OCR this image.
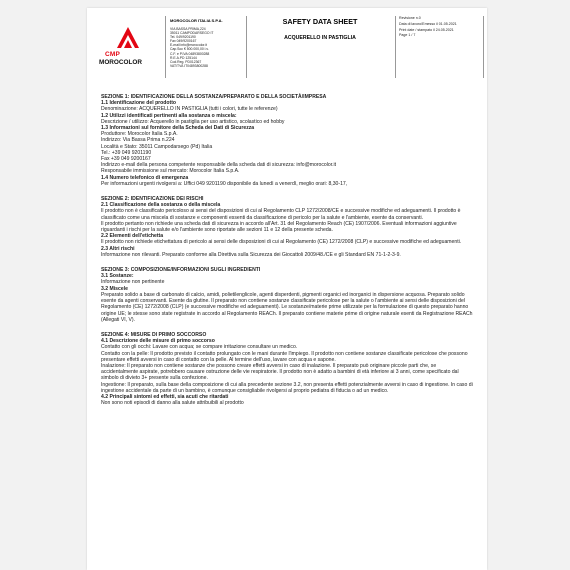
CMP
MOROCOLOR
MOROCOLOR ITALIA S.P.A.
VIA BASSA PRIMA,224
35011 CAMPODARSEGO IT
Tel. 049/9201190
Fax 049/9200167
E-mail info@morocolor.it
Cap.Soc € 500.000,00 i.v.
C.F. e P.IVA 04893800288
R.E.A.PD 125144
Cod.Reg. PD012367
VAT/TVA IT04893800288
SAFETY DATA SHEET
ACQUERELLO IN PASTIGLIA
Revisione n.0
Data di lavoro/Emesso il 01.05.2021
Print date / stampato il 24.05.2021
Page 1 / 7
SEZIONE 1: IDENTIFICAZIONE DELLA SOSTANZA/PREPARATO E DELLA SOCIETÀ/IMPRESA

1.1 Identificazione del prodotto

Denominazione: ACQUERELLO IN PASTIGLIA (tutti i colori, tutte le referenze)

1.2 Utilizzi identificati pertinenti alla sostanza o miscela:

Descrizione / utilizzo: Acquerello in pastiglia per uso artistico, scolastico ed hobby

1.3 Informazioni sul fornitore della Scheda dei Dati di Sicurezza

Produttore: Morocolor Italia S.p.A.

Indirizzo: Via Bassa Prima n.224

Località e Stato: 35011 Campodarsego (Pd) Italia

Tel.: +39 049 9201190

Fax +39 049 9200167

Indirizzo e-mail della persona competente responsabile della scheda dati di sicurezza: info@morocolor.it

Responsabile immissione sul mercato: Morocolor Italia S.p.A.

1.4 Numero telefonico di emergenza

Per informazioni urgenti rivolgersi a: Uffici 049 9201190 disponibile da lunedì a venerdì, meglio orari: 8,30-17,

SEZIONE 2: IDENTIFICAZIONE DEI RISCHI

2.1 Classificazione della sostanza o della miscela

Il prodotto non è classificato pericoloso ai sensi del disposizioni di cui al Regolamento CLP 1272/2008/CE e successive modifiche ed adeguamenti. Il prodotto è classificato come una miscela di sostanze e componenti essenti da classificazione di pericolo per la salute e l'ambiente, esente da conservanti.

Il prodotto pertanto non richiede una scheda dati di sicurezza in accordo all'Art. 31 del Regolamento Reach (CE) 1907/2006. Eventuali informazioni aggiuntive riguardanti i rischi per la salute e/o l'ambiente sono riportate alle sezioni 11 e 12 della presente scheda.

2.2 Elementi dell'etichetta

Il prodotto non richiede etichettatura di pericolo ai sensi delle disposizioni di cui al Regolamento (CE) 1272/2008 (CLP) e successive modifiche ed adeguamenti.

2.3 Altri rischi

Informazione non rilevanti. Preparato conforme alla Direttiva sulla Sicurezza dei Giocattoli 2009/48./CE e gli Standard EN 71-1-2-3-9.

SEZIONE 3: COMPOSIZIONE/INFORMAZIONI SUGLI INGREDIENTI

3.1 Sostanze:

Informazione non pertinente

3.2 Miscele

Preparato solido a base di carbonato di calcio, amidi, polietilenglicole, agenti disperdenti, pigmenti organici ed inorganici in dispersione acquosa. Preparato solido esente da agenti conservanti. Esente da glutine. Il preparato non contiene sostanze classificate pericolose per la salute o l'ambiente ai sensi delle disposizioni del Regolamento (CE) 1272/2008 (CLP) (e successive modifiche ed adeguamenti). Le sostanze/materie prime utilizzate per la formulazione di questo preparato hanno origine UE; le stesse sono state registrate in accordo al Regolamento REACh. Il preparato contiene materie prime di origine naturale esenti da Registrazione REACh (Allegati VI, V).

SEZIONE 4: MISURE DI PRIMO SOCCORSO

4.1 Descrizione delle misure di primo soccorso

Contatto con gli occhi: Lavare con acqua; se compare irritazione consultare un medico.

Contatto con la pelle: Il prodotto previsto il contatto prolungato con le mani durante l'impiego. Il prodotto non contiene sostanze classificate pericolose che possono presentare effetti avversi in caso di contatto con la pelle. Al termine dell'uso, lavare con acqua e sapone.

Inalazione: Il preparato non contiene sostanze che possono creare effetti avversi in caso di inalazione. Il preparato può originare piccole parti che, se accidentalmente aspirate, potrebbero causare ostruzione delle vie respiratorie. Il prodotto non è adatto a bambini di età inferiore ai 3 anni, come specificato dal simbolo di divieto 3+ presente sulla confezione.

Ingestione: Il preparato, sulla base della composizione di cui alla precedente sezione 3.2, non presenta effetti potenzialmente avversi in caso di ingestione. In caso di ingestione accidentale da parte di un bambino, è comunque consigliabile rivolgersi al proprio pediatra di fiducia o ad un medico.

4.2 Principali sintomi ed effetti, sia acuti che ritardati

Non sono noti episodi di danno alla salute attribuibili al prodotto
